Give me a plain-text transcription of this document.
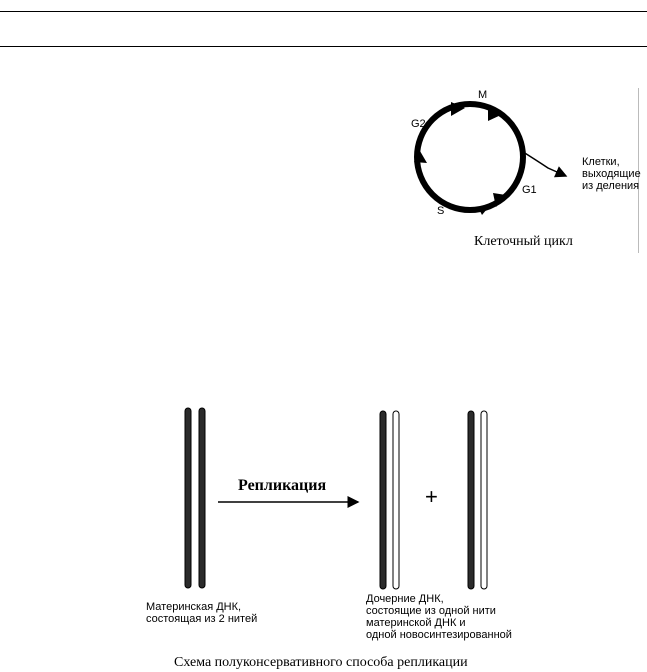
M
G2
S
G1
Клетки,
выходящие
из деления
Клеточный цикл
Репликация	+
Материнская ДНК,
состоящая из 2 нитей
Дочерние ДНК,
состоящие из одной нити
материнской ДНК и
одной новосинтезированной
Схема полуконсервативного способа репликации
